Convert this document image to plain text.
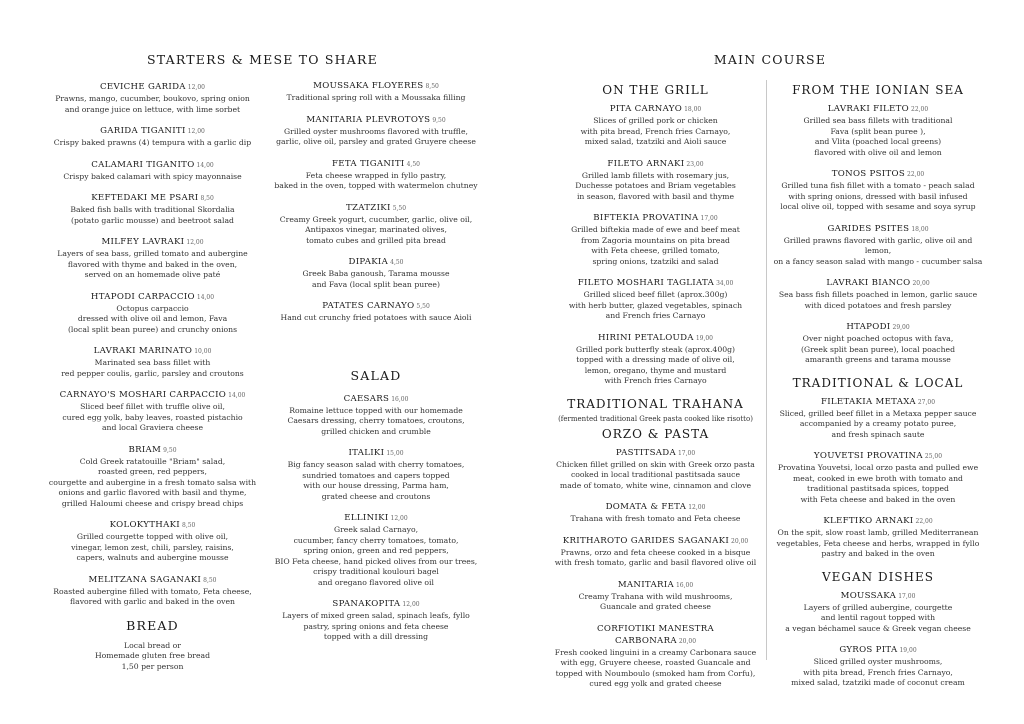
STARTERS & MESE TO SHARE
CEVICHE GARIDA 12,00
Prawns, mango, cucumber, boukovo, spring onion
and orange juice on lettuce, with lime sorbet
GARIDA TIGANITI 12,00
Crispy baked prawns (4) tempura with a garlic dip
CALAMARI TIGANITO 14,00
Crispy baked calamari with spicy mayonnaise
KEFTEDAKI ME PSARI 8,50
Baked fish balls with traditional Skordalia
(potato garlic mousse) and beetroot salad
MILFEY LAVRAKI 12,00
Layers of sea bass, grilled tomato and aubergine
flavored with thyme and baked in the oven,
served on an homemade olive paté
HTAPODI CARPACCIO 14,00
Octopus carpaccio
dressed with olive oil and lemon, Fava
(local split bean puree) and crunchy onions
LAVRAKI MARINATO 10,00
Marinated sea bass fillet with
red pepper coulis, garlic, parsley and croutons
CARNAYO'S MOSHARI CARPACCIO 14,00
Sliced beef fillet with truffle olive oil,
cured egg yolk, baby leaves, roasted pistachio
and local Graviera cheese
BRIAM 9,50
Cold Greek ratatouille "Briam" salad,
roasted green, red peppers,
courgette and aubergine in a fresh tomato salsa with
onions and garlic flavored with basil and thyme,
grilled Haloumi cheese and crispy bread chips
KOLOKYTHAKI 8,50
Grilled courgette topped with olive oil,
vinegar, lemon zest, chili, parsley, raisins,
capers, walnuts and aubergine mousse
MELITZANA SAGANAKI 8,50
Roasted aubergine filled with tomato, Feta cheese,
flavored with garlic and baked in the oven
BREAD
Local bread or
Homemade gluten free bread
1,50 per person
MOUSSAKA FLOYERES 8,50
Traditional spring roll with a Moussaka filling
MANITARIA PLEVROTOYS 9,50
Grilled oyster mushrooms flavored with truffle,
garlic, olive oil, parsley and grated Gruyere cheese
FETA TIGANITI 4,50
Feta cheese wrapped in fyllo pastry,
baked in the oven, topped with watermelon chutney
TZATZIKI 5,50
Creamy Greek yogurt, cucumber, garlic, olive oil,
Antipaxos vinegar, marinated olives,
tomato cubes and grilled pita bread
DIPAKIA 4,50
Greek Baba ganoush, Tarama mousse
and Fava (local split bean puree)
PATATES CARNAYO 5,50
Hand cut crunchy fried potatoes with sauce Aioli
SALAD
CAESARS 16,00
Romaine lettuce topped with our homemade
Caesars dressing, cherry tomatoes, croutons,
grilled chicken and crumble
ITALIKI 15,00
Big fancy season salad with cherry tomatoes,
sundried tomatoes and capers topped
with our house dressing, Parma ham,
grated cheese and croutons
ELLINIKI 12,00
Greek salad Carnayo,
cucumber, fancy cherry tomatoes, tomato,
spring onion, green and red peppers,
BIO Feta cheese, hand picked olives from our trees,
crispy traditional koulouri bagel
and oregano flavored olive oil
SPANAKOPITA 12,00
Layers of mixed green salad, spinach leafs, fyllo
pastry, spring onions and feta cheese
topped with a dill dressing
MAIN COURSE
ON THE GRILL
PITA CARNAYO 18,00
Slices of grilled pork or chicken
with pita bread, French fries Carnayo,
mixed salad, tzatziki and Aioli sauce
FILETO ARNAKI 23,00
Grilled lamb fillets with rosemary jus,
Duchesse potatoes and Briam vegetables
in season, flavored with basil and thyme
BIFTEKIA PROVATINA 17,00
Grilled biftekia made of ewe and beef meat
from Zagoria mountains on pita bread
with Feta cheese, grilled tomato,
spring onions, tzatziki and salad
FILETO MOSHARI TAGLIATA 34,00
Grilled sliced beef fillet (aprox.300g)
with herb butter, glazed vegetables, spinach
and French fries Carnayo
HIRINI PETALOUDA 19,00
Grilled pork butterfly steak (aprox.400g)
topped with a dressing made of olive oil,
lemon, oregano, thyme and mustard
with French fries Carnayo
TRADITIONAL TRAHANA
(fermented traditional Greek pasta cooked like risotto)
ORZO & PASTA
PASTITSADA 17,00
Chicken fillet grilled on skin with Greek orzo pasta
cooked in local traditional pastitsada sauce
made of tomato, white wine, cinnamon and clove
DOMATA & FETA 12,00
Trahana with fresh tomato and Feta cheese
KRITHAROTO GARIDES SAGANAKI 20,00
Prawns, orzo and feta cheese cooked in a bisque
with fresh tomato, garlic and basil flavored olive oil
MANITARIA 16,00
Creamy Trahana with wild mushrooms,
Guancale and grated cheese
CORFIOTIKI MANESTRA
CARBONARA 20,00
Fresh cooked linguini in a creamy Carbonara sauce
with egg, Gruyere cheese, roasted Guancale and
topped with Noumboulo (smoked ham from Corfu),
cured egg yolk and grated cheese
FROM THE IONIAN SEA
LAVRAKI FILETO 22,00
Grilled sea bass fillets with traditional
Fava (split bean puree ),
and Vlita (poached local greens)
flavored with olive oil and lemon
TONOS PSITOS 22,00
Grilled tuna fish fillet with a tomato - peach salad
with spring onions, dressed with basil infused
local olive oil, topped with sesame and soya syrup
GARIDES PSITES 18,00
Grilled prawns flavored with garlic, olive oil and lemon,
on a fancy season salad with mango - cucumber salsa
LAVRAKI BIANCO 20,00
Sea bass fish fillets poached in lemon, garlic sauce
with diced potatoes and fresh parsley
HTAPODI 29,00
Over night poached octopus with fava,
(Greek split bean puree), local poached
amaranth greens and tarama mousse
TRADITIONAL & LOCAL
FILETAKIA METAXA 27,00
Sliced, grilled beef fillet in a Metaxa pepper sauce
accompanied by a creamy potato puree,
and fresh spinach saute
YOUVETSI PROVATINA 25,00
Provatina Youvetsi, local orzo pasta and pulled ewe
meat, cooked in ewe broth with tomato and
traditional pastitsada spices, topped
with Feta cheese and baked in the oven
KLEFTIKO ARNAKI 22,00
On the spit, slow roast lamb, grilled Mediterranean
vegetables, Feta cheese and herbs, wrapped in fyllo
pastry and baked in the oven
VEGAN DISHES
MOUSSAKA 17,00
Layers of grilled aubergine, courgette
and lentil ragout topped with
a vegan béchamel sauce & Greek vegan cheese
GYROS PITA 19,00
Sliced grilled oyster mushrooms,
with pita bread, French fries Carnayo,
mixed salad, tzatziki made of coconut cream
